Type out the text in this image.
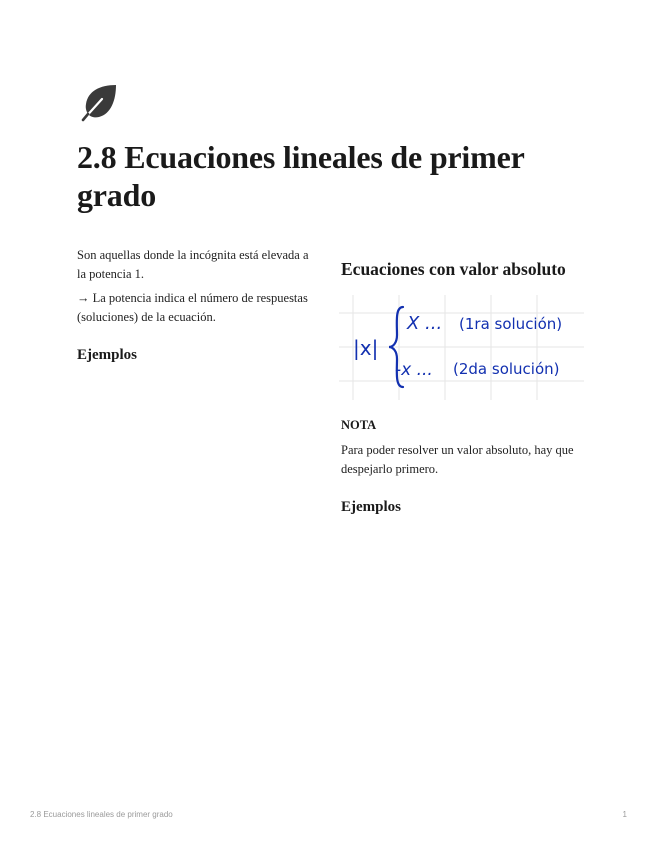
2.8 Ecuaciones lineales de primer grado

Son aquellas donde la incógnita está elevada a la potencia 1.

→ La potencia indica el número de respuestas (soluciones) de la ecuación.

Ejemplos
Ecuaciones con valor absoluto
|x|
X ... (1ra solución)
-x ... (2da solución)
NOTA

Para poder resolver un valor absoluto, hay que despejarlo primero.

Ejemplos
2.8 Ecuaciones lineales de primer grado	1
